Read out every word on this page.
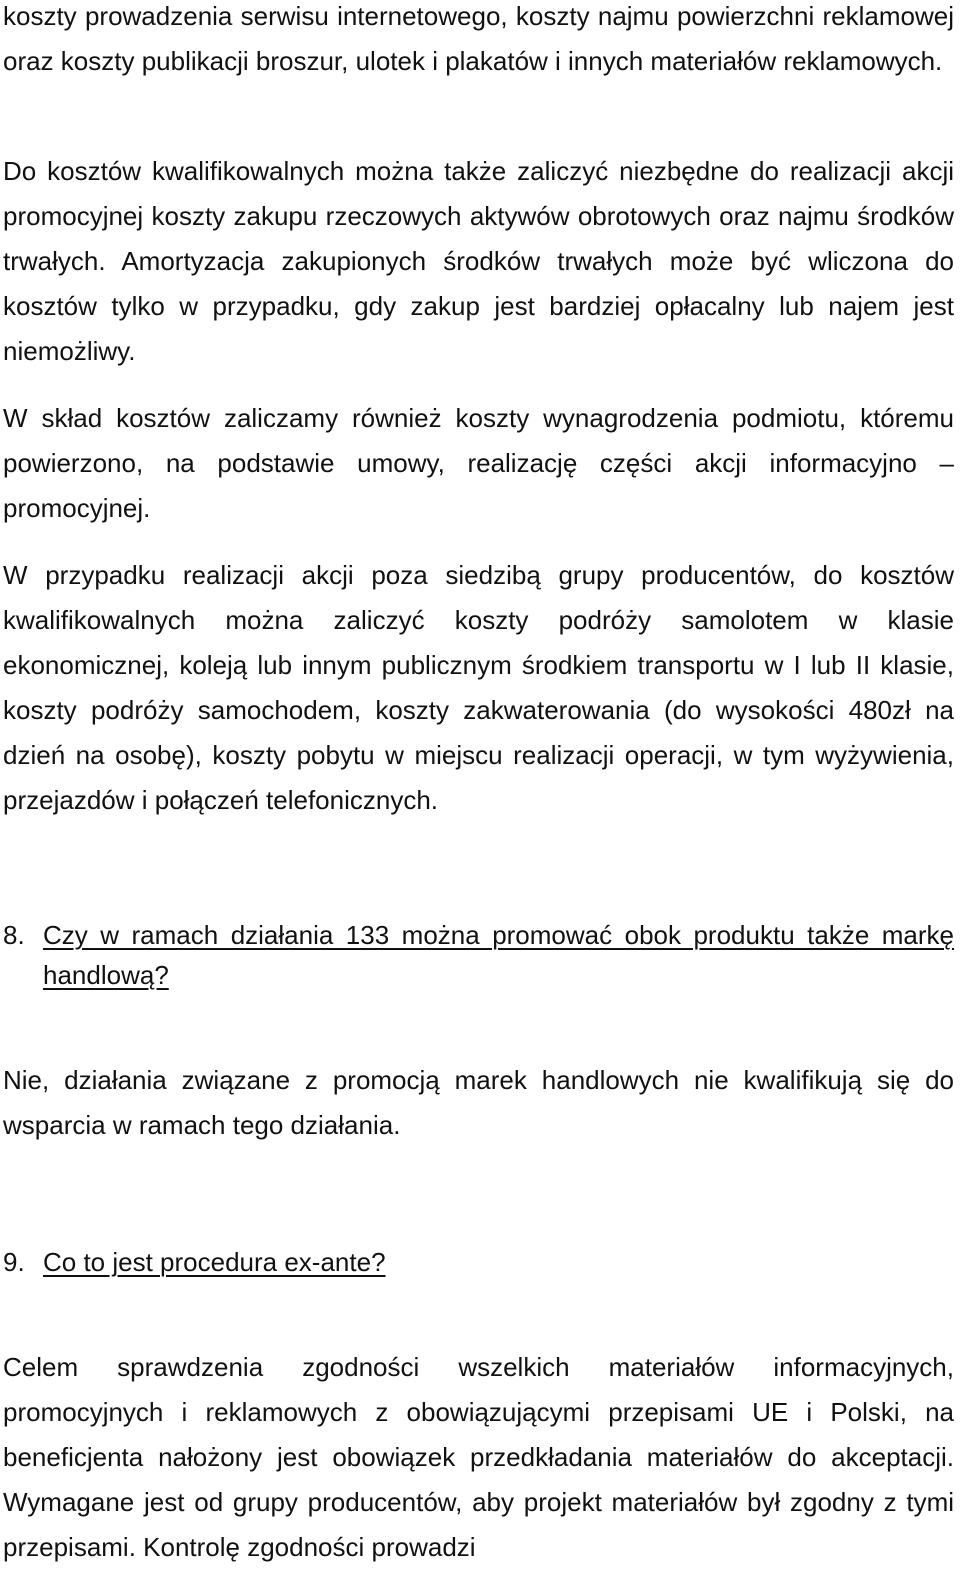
koszty prowadzenia serwisu internetowego, koszty najmu powierzchni reklamowej oraz koszty publikacji broszur, ulotek i plakatów i innych materiałów reklamowych.

Do kosztów kwalifikowalnych można także zaliczyć niezbędne do realizacji akcji promocyjnej koszty zakupu rzeczowych aktywów obrotowych oraz najmu środków trwałych. Amortyzacja zakupionych środków trwałych może być wliczona do kosztów tylko w przypadku, gdy zakup jest bardziej opłacalny lub najem jest niemożliwy.

W skład kosztów zaliczamy również koszty wynagrodzenia podmiotu, któremu powierzono, na podstawie umowy, realizację części akcji informacyjno – promocyjnej.

W przypadku realizacji akcji poza siedzibą grupy producentów, do kosztów kwalifikowalnych można zaliczyć koszty podróży samolotem w klasie ekonomicznej, koleją lub innym publicznym środkiem transportu w I lub II klasie, koszty podróży samochodem, koszty zakwaterowania (do wysokości 480zł na dzień na osobę), koszty pobytu w miejscu realizacji operacji, w tym wyżywienia, przejazdów i połączeń telefonicznych.

8. Czy w ramach działania 133 można promować obok produktu także markę handlową?

Nie, działania związane z promocją marek handlowych nie kwalifikują się do wsparcia w ramach tego działania.

9. Co to jest procedura ex-ante?

Celem sprawdzenia zgodności wszelkich materiałów informacyjnych, promocyjnych i reklamowych z obowiązującymi przepisami UE i Polski, na beneficjenta nałożony jest obowiązek przedkładania materiałów do akceptacji. Wymagane jest od grupy producentów, aby projekt materiałów był zgodny z tymi przepisami. Kontrolę zgodności prowadzi
